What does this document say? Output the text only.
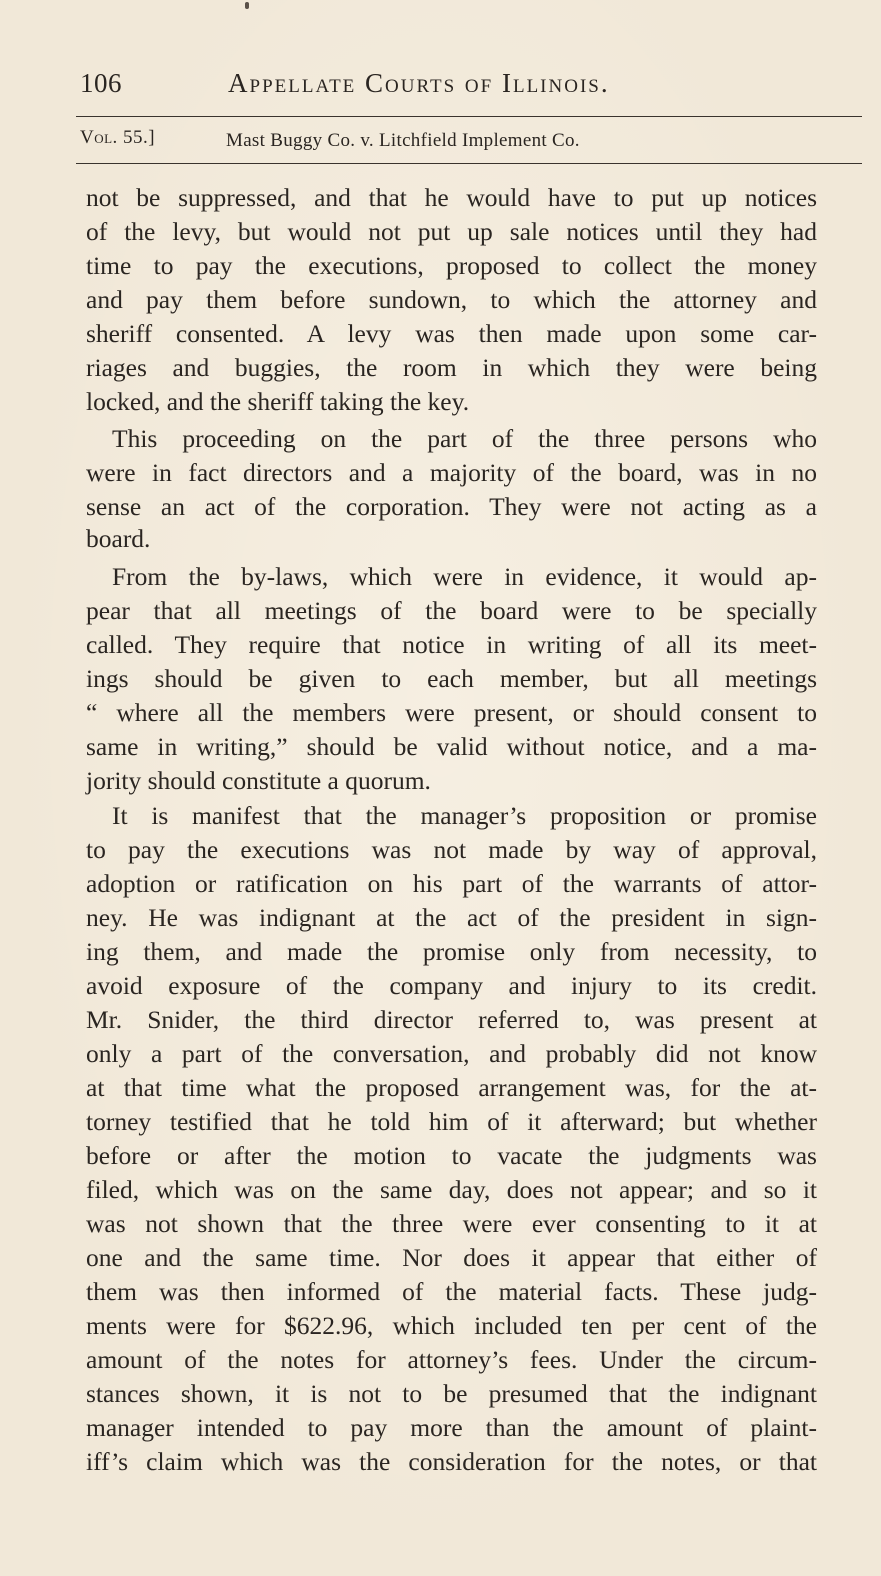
106	Appellate Courts of Illinois.
Vol. 55.]	Mast Buggy Co. v. Litchfield Implement Co.
not be suppressed, and that he would have to put up notices
of the levy, but would not put up sale notices until they had
time to pay the executions, proposed to collect the money
and pay them before sundown, to which the attorney and
sheriff consented. A levy was then made upon some car-
riages and buggies, the room in which they were being
locked, and the sheriff taking the key.
This proceeding on the part of the three persons who
were in fact directors and a majority of the board, was in no
sense an act of the corporation. They were not acting as a
board.
From the by-laws, which were in evidence, it would ap-
pear that all meetings of the board were to be specially
called. They require that notice in writing of all its meet-
ings should be given to each member, but all meetings
“ where all the members were present, or should consent to
same in writing,” should be valid without notice, and a ma-
jority should constitute a quorum.
It is manifest that the manager’s proposition or promise
to pay the executions was not made by way of approval,
adoption or ratification on his part of the warrants of attor-
ney. He was indignant at the act of the president in sign-
ing them, and made the promise only from necessity, to
avoid exposure of the company and injury to its credit.
Mr. Snider, the third director referred to, was present at
only a part of the conversation, and probably did not know
at that time what the proposed arrangement was, for the at-
torney testified that he told him of it afterward; but whether
before or after the motion to vacate the judgments was
filed, which was on the same day, does not appear; and so it
was not shown that the three were ever consenting to it at
one and the same time. Nor does it appear that either of
them was then informed of the material facts. These judg-
ments were for $622.96, which included ten per cent of the
amount of the notes for attorney’s fees. Under the circum-
stances shown, it is not to be presumed that the indignant
manager intended to pay more than the amount of plaint-
iff’s claim which was the consideration for the notes, or that
